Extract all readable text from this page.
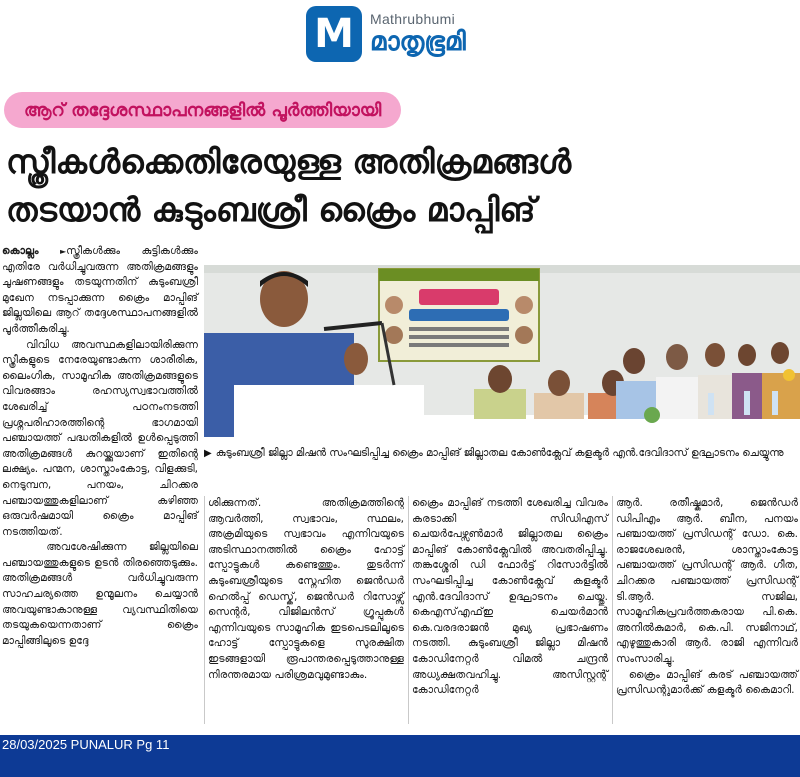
M	Mathrubhumi
മാതൃഭൂമി
ആറ് തദ്ദേശസ്ഥാപനങ്ങളിൽ പൂർത്തിയായി
സ്ത്രീകൾക്കെതിരേയുള്ള അതിക്രമങ്ങൾ
തടയാൻ കുടുംബശ്രീ ക്രൈം മാപ്പിങ്

കൊല്ലം	►സ്ത്രീകൾക്കും കുട്ടികൾക്കും എതിരേ വർധിച്ചുവരുന്ന അതിക്രമങ്ങളും ചൂഷണങ്ങളും തടയുന്നതിന് കുടുംബശ്രീ മുഖേന നടപ്പാക്കുന്ന ക്രൈം മാപ്പിങ് ജില്ലയിലെ ആറ് തദ്ദേശസ്ഥാപനങ്ങളിൽ പൂർത്തീകരിച്ചു.

വിവിധ അവസ്ഥകളിലായിരിക്കുന്ന സ്ത്രീകളുടെ നേരേയുണ്ടാകുന്ന ശാരീരിക, ലൈംഗിക, സാമൂഹിക അതിക്രമങ്ങളുടെ വിവരങ്ങാം രഹസ്യസ്വഭാവത്തിൽ ശേഖരിച്ച് പഠനംനടത്തി പ്രശ്നപരിഹാരത്തിന്റെ ഭാഗമായി പഞ്ചായത്ത് പദ്ധതികളിൽ ഉൾപ്പെടുത്തി അതിക്രമങ്ങൾ കുറയ്ക്കുയാണ് ഇതിന്റെ ലക്ഷ്യം. പന്മന, ശാസ്താംകോട്ട, വിളക്കുടി, നെടുമ്പന, പനയം, ചിറക്കര പഞ്ചായത്തുകളിലാണ് കഴിഞ്ഞ ഒരുവർഷമായി ക്രൈം മാപ്പിങ് നടത്തിയത്.

അവശേഷിക്കുന്ന ജില്ലയിലെ പഞ്ചായത്തുകളുടെ ഉടൻ തിരഞ്ഞെടുക്കും. അതിക്രമങ്ങൾ വർധിച്ചുവരുന്ന സാഹചര്യത്തെ ഉന്മൂലനം ചെയ്യാൻ അവയുണ്ടാകാനുള്ള വ്യവസ്ഥിതിയെ തടയുകയെന്നതാണ് ക്രൈം മാപ്പിങ്ങിലൂടെ ഉദ്ദേ

▶ കുടുംബശ്രീ ജില്ലാ മിഷൻ സംഘടിപ്പിച്ച ക്രൈം മാപ്പിങ് ജില്ലാതല കോൺക്ലേവ് കളക്ടർ എൻ.ദേവിദാസ് ഉദ്ഘാടനം ചെയ്യുന്നു

ശിക്കുന്നത്. അതിക്രമത്തിന്റെ ആവർത്തി, സ്വഭാവം, സ്ഥലം, അക്രമിയുടെ സ്വഭാവം എന്നിവയുടെ അടിസ്ഥാനത്തിൽ ക്രൈം ഹോട്ട് സ്പോട്ടുകൾ കണ്ടെത്തും. തുടർന്ന് കുടുംബശ്രീയുടെ സ്നേഹിത ജെൻഡർ ഹെൽപ്പ് ഡെസ്ക്, ജെൻഡർ റിസോഴ്സ് സെന്റർ, വിജിലൻസ് ഗ്രൂപ്പുകൾ എന്നിവയുടെ സാമൂഹിക ഇടപെടലിലൂടെ ഹോട്ട് സ്പോട്ടുകളെ സുരക്ഷിത ഇടങ്ങളായി രൂപാന്തരപ്പെടുത്താനുള്ള നിരന്തരമായ പരിശ്രമവുമുണ്ടാകും.

ക്രൈം മാപ്പിങ് നടത്തി ശേഖരിച്ച വിവരം കരടാക്കി സിഡിഎസ് ചെയർപേഴ്സൺമാർ ജില്ലാതല ക്രൈം മാപ്പിങ് കോൺക്ലേവിൽ അവതരിപ്പിച്ചു. തങ്കശ്ശേരി ഡി ഫോർട്ട് റിസോർട്ടിൽ സംഘടിപ്പിച്ച കോൺക്ലേവ് കളക്ടർ എൻ.ദേവിദാസ് ഉദ്ഘാടനം ചെയ്തു. കെഎസ്എഫ്ഇ ചെയർമാൻ കെ.വരദരാജൻ മുഖ്യ പ്രഭാഷണം നടത്തി. കുടുംബശ്രീ ജില്ലാ മിഷൻ കോഡിനേറ്റർ വിമൽ ചന്ദ്രൻ അധ്യക്ഷതവഹിച്ചു. അസിസ്റ്റന്റ് കോഡിനേറ്റർ

ആർ. രതീഷ്കുമാർ, ജെൻഡർ ഡിപിഎം ആർ. ബീന, പനയം പഞ്ചായത്ത് പ്രസിഡന്റ് ഡോ. കെ. രാജശേഖരൻ, ശാസ്താംകോട്ട പഞ്ചായത്ത് പ്രസിഡന്റ് ആർ. ഗീത, ചിറക്കര പഞ്ചായത്ത് പ്രസിഡന്റ് ടി.ആർ. സജില, സാമൂഹികപ്രവർത്തകരായ പി.കെ. അനിൽകുമാർ, കെ.പി. സജിനാഥ്, എഴുത്തുകാരി ആർ. രാജി എന്നിവർ സംസാരിച്ചു.

ക്രൈം മാപ്പിങ് കരട് പഞ്ചായത്ത് പ്രസിഡന്റുമാർക്ക് കളക്ടർ കൈമാറി.

28/03/2025 PUNALUR Pg 11
